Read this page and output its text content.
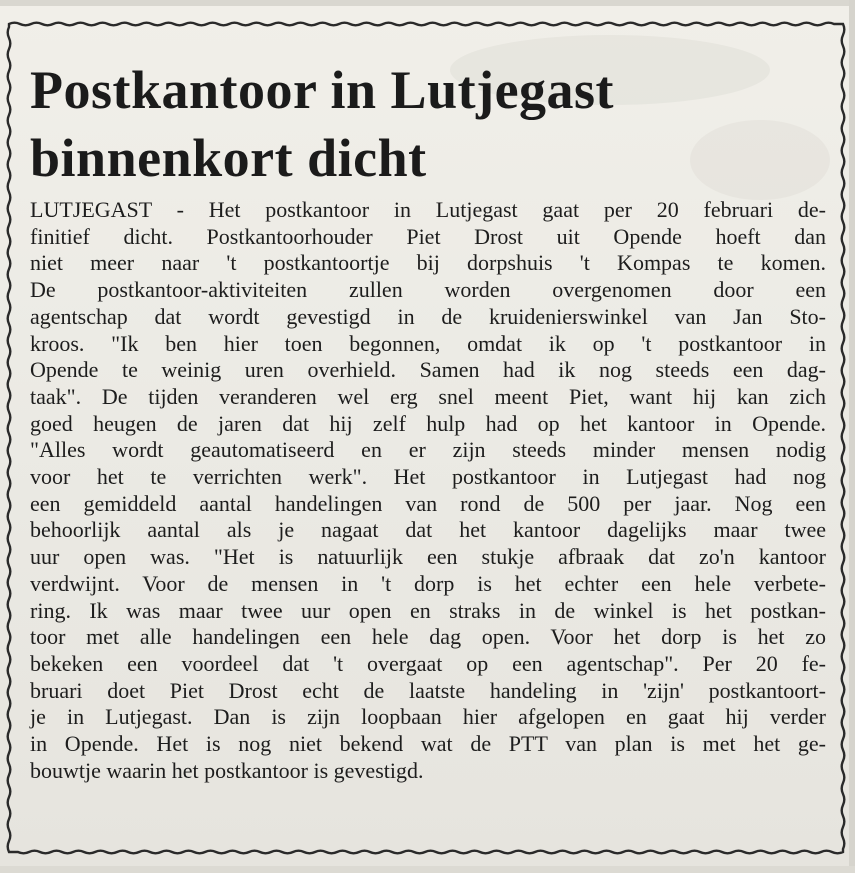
Postkantoor in Lutjegast
binnenkort dicht
LUTJEGAST - Het postkantoor in Lutjegast gaat per 20 februari de-
finitief dicht. Postkantoorhouder Piet Drost uit Opende hoeft dan
niet meer naar 't postkantoortje bij dorpshuis 't Kompas te komen.
De postkantoor-aktiviteiten zullen worden overgenomen door een
agentschap dat wordt gevestigd in de kruidenierswinkel van Jan Sto-
kroos. "Ik ben hier toen begonnen, omdat ik op 't postkantoor in
Opende te weinig uren overhield. Samen had ik nog steeds een dag-
taak". De tijden veranderen wel erg snel meent Piet, want hij kan zich
goed heugen de jaren dat hij zelf hulp had op het kantoor in Opende.
"Alles wordt geautomatiseerd en er zijn steeds minder mensen nodig
voor het te verrichten werk". Het postkantoor in Lutjegast had nog
een gemiddeld aantal handelingen van rond de 500 per jaar. Nog een
behoorlijk aantal als je nagaat dat het kantoor dagelijks maar twee
uur open was. "Het is natuurlijk een stukje afbraak dat zo'n kantoor
verdwijnt. Voor de mensen in 't dorp is het echter een hele verbete-
ring. Ik was maar twee uur open en straks in de winkel is het postkan-
toor met alle handelingen een hele dag open. Voor het dorp is het zo
bekeken een voordeel dat 't overgaat op een agentschap". Per 20 fe-
bruari doet Piet Drost echt de laatste handeling in 'zijn' postkantoort-
je in Lutjegast. Dan is zijn loopbaan hier afgelopen en gaat hij verder
in Opende. Het is nog niet bekend wat de PTT van plan is met het ge-
bouwtje waarin het postkantoor is gevestigd.
